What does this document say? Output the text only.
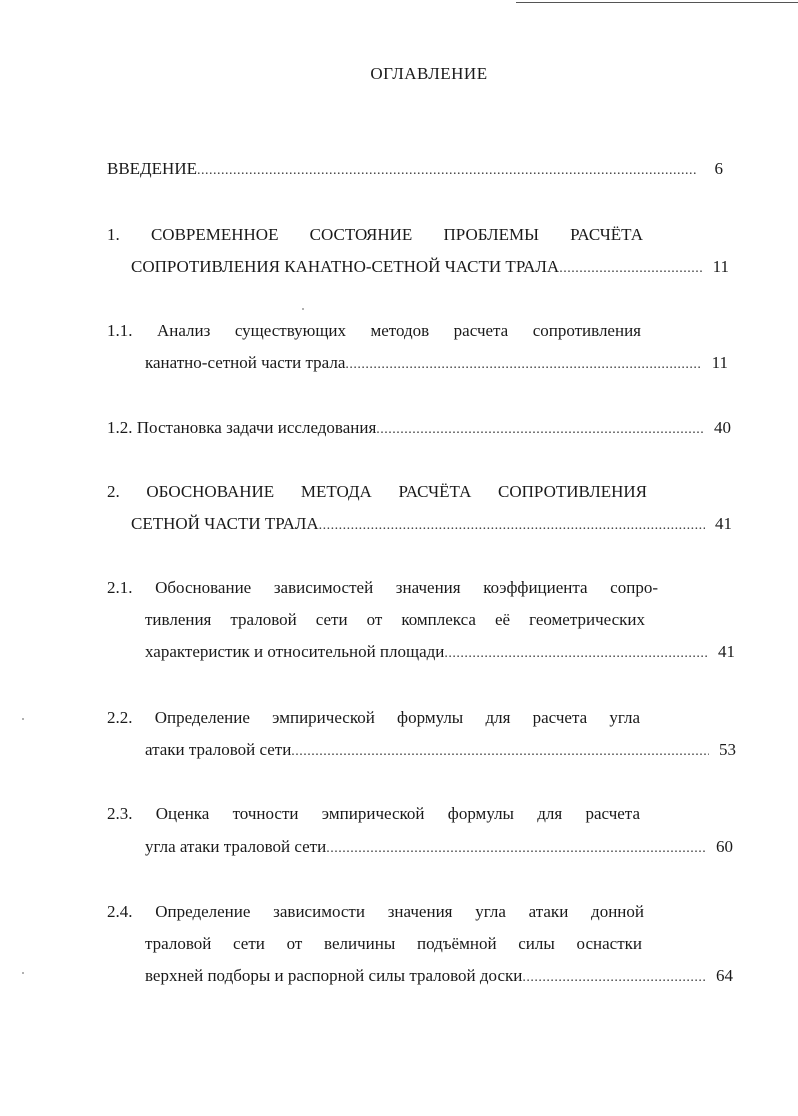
ОГЛАВЛЕНИЕ
ВВЕДЕНИЕ .....	6
1. СОВРЕМЕННОЕ СОСТОЯНИЕ ПРОБЛЕМЫ РАСЧЁТА
СОПРОТИВЛЕНИЯ КАНАТНО-СЕТНОЙ ЧАСТИ ТРАЛА .....	11
1.1. Анализ существующих методов расчета сопротивления
канатно-сетной части трала .....	11
1.2. Постановка задачи исследования .....	40
2. ОБОСНОВАНИЕ МЕТОДА РАСЧЁТА СОПРОТИВЛЕНИЯ
СЕТНОЙ ЧАСТИ ТРАЛА .....	41
2.1. Обоснование зависимостей значения коэффициента сопро-
тивления траловой сети от комплекса её геометрических
характеристик и относительной площади .....	41
2.2. Определение эмпирической формулы для расчета угла
атаки траловой сети .....	53
2.3. Оценка точности эмпирической формулы для расчета
угла атаки траловой сети .....	60
2.4. Определение зависимости значения угла атаки донной
траловой сети от величины подъёмной силы оснастки
верхней подборы и распорной силы траловой доски .....	64
